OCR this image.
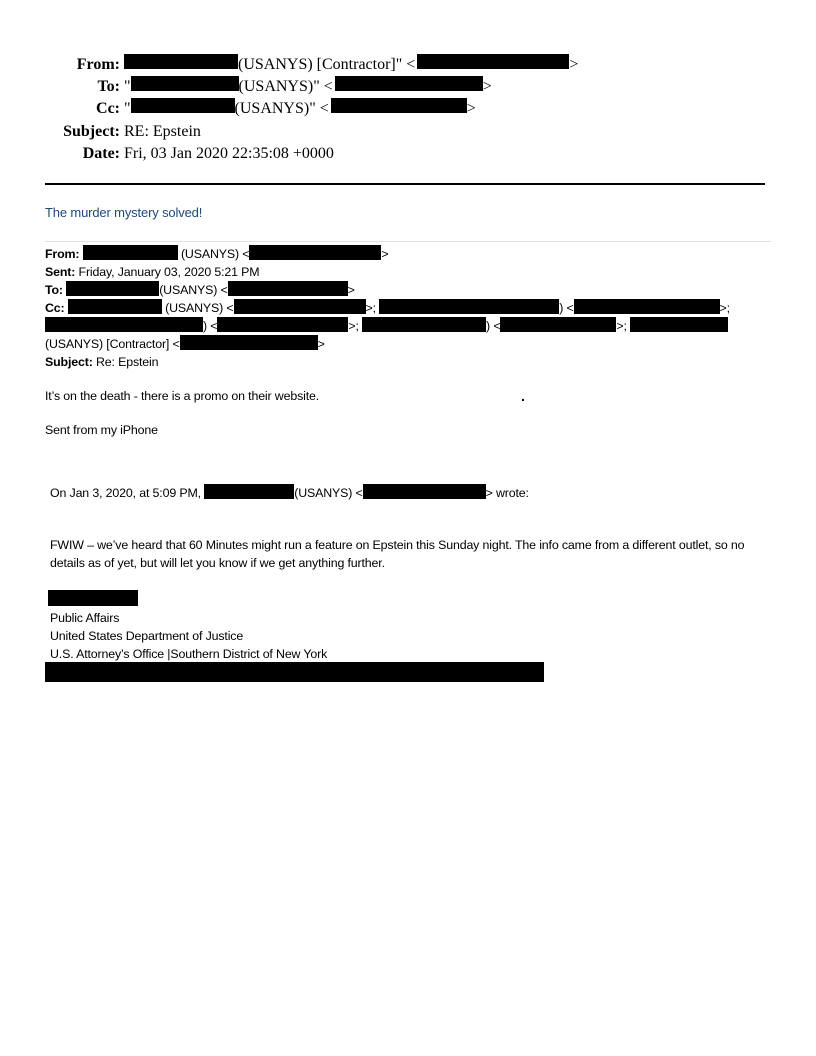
From:	(USANYS) [Contractor]" <	>
To: "	(USANYS)" <	>
Cc: "	(USANYS)" <	>
Subject: RE: Epstein
Date: Fri, 03 Jan 2020 22:35:08 +0000
The murder mystery solved!
From:	(USANYS) <	>
Sent: Friday, January 03, 2020 5:21 PM
To:	(USANYS) <	>
Cc:	(USANYS) <	>;	) <	>;
) <	>;	) <	>;
(USANYS) [Contractor] <	>
Subject: Re: Epstein
It’s on the death - there is a promo on their website.	.
Sent from my iPhone
On Jan 3, 2020, at 5:09 PM,	(USANYS) <	> wrote:
FWIW – we’ve heard that 60 Minutes might run a feature on Epstein this Sunday night. The info came from a different outlet, so no details as of yet, but will let you know if we get anything further.
Public Affairs
United States Department of Justice
U.S. Attorney’s Office |Southern District of New York
